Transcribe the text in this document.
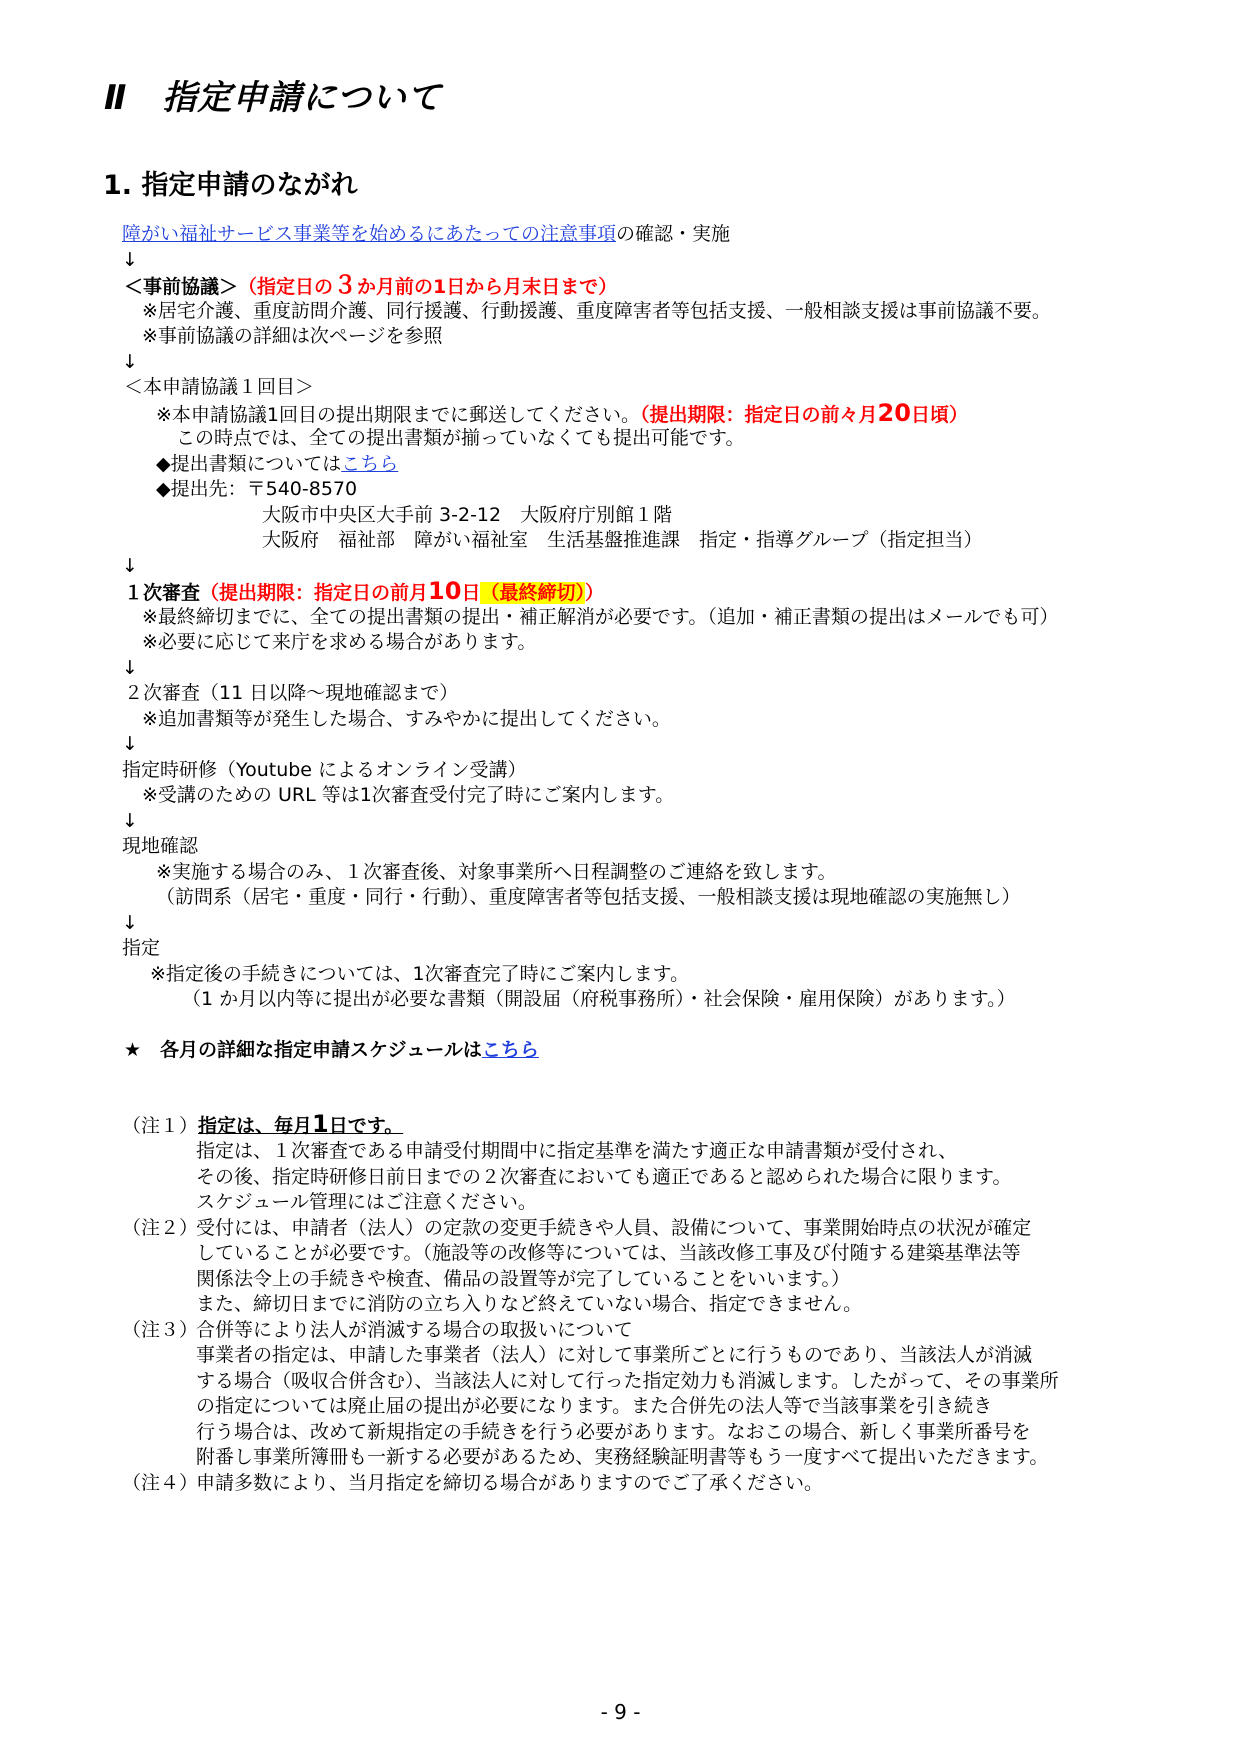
Ⅱ　指定申請について
1. 指定申請のながれ
障がい福祉サービス事業等を始めるにあたっての注意事項の確認・実施
↓
＜事前協議＞（指定日の３か月前の1日から月末日まで）
※居宅介護、重度訪問介護、同行援護、行動援護、重度障害者等包括支援、一般相談支援は事前協議不要。
※事前協議の詳細は次ページを参照
↓
＜本申請協議１回目＞
※本申請協議1回目の提出期限までに郵送してください。（提出期限：指定日の前々月20日頃）
この時点では、全ての提出書類が揃っていなくても提出可能です。
◆提出書類についてはこちら
◆提出先：〒540-8570
大阪市中央区大手前 3-2-12　大阪府庁別館１階
大阪府　福祉部　障がい福祉室　生活基盤推進課　指定・指導グループ（指定担当）
↓
１次審査（提出期限：指定日の前月10日（最終締切））
※最終締切までに、全ての提出書類の提出・補正解消が必要です。（追加・補正書類の提出はメールでも可）
※必要に応じて来庁を求める場合があります。
↓
２次審査（11 日以降～現地確認まで）
※追加書類等が発生した場合、すみやかに提出してください。
↓
指定時研修（Youtube によるオンライン受講）
※受講のための URL 等は1次審査受付完了時にご案内します。
↓
現地確認
※実施する場合のみ、１次審査後、対象事業所へ日程調整のご連絡を致します。
（訪問系（居宅・重度・同行・行動）、重度障害者等包括支援、一般相談支援は現地確認の実施無し）
↓
指定
※指定後の手続きについては、1次審査完了時にご案内します。
（1 か月以内等に提出が必要な書類（開設届（府税事務所）・社会保険・雇用保険）があります。）
★　各月の詳細な指定申請スケジュールはこちら
（注１） 指定は、毎月1日です。
指定は、１次審査である申請受付期間中に指定基準を満たす適正な申請書類が受付され、
その後、指定時研修日前日までの２次審査においても適正であると認められた場合に限ります。
スケジュール管理にはご注意ください。
（注２）
受付には、申請者（法人）の定款の変更手続きや人員、設備について、事業開始時点の状況が確定
していることが必要です。（施設等の改修等については、当該改修工事及び付随する建築基準法等
関係法令上の手続きや検査、備品の設置等が完了していることをいいます。）
また、締切日までに消防の立ち入りなど終えていない場合、指定できません。
（注３）
合併等により法人が消滅する場合の取扱いについて
事業者の指定は、申請した事業者（法人）に対して事業所ごとに行うものであり、当該法人が消滅
する場合（吸収合併含む）、当該法人に対して行った指定効力も消滅します。したがって、その事業所
の指定については廃止届の提出が必要になります。また合併先の法人等で当該事業を引き続き
行う場合は、改めて新規指定の手続きを行う必要があります。なおこの場合、新しく事業所番号を
附番し事業所簿冊も一新する必要があるため、実務経験証明書等もう一度すべて提出いただきます。
（注４）
申請多数により、当月指定を締切る場合がありますのでご了承ください。
- 9 -
